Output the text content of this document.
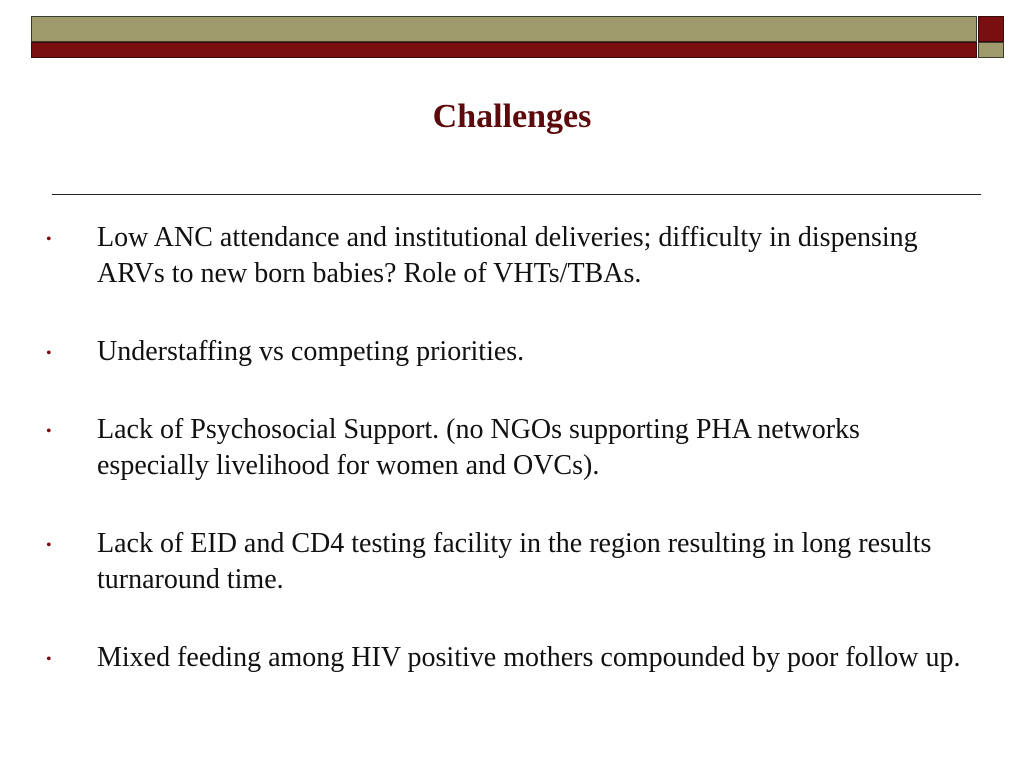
Challenges
• Low ANC attendance and institutional deliveries; difficulty in dispensing ARVs to new born babies? Role of VHTs/TBAs.
• Understaffing vs competing priorities.
• Lack of Psychosocial Support. (no NGOs supporting PHA networks especially livelihood for women and OVCs).
• Lack of EID and CD4 testing facility in the region resulting in long results turnaround time.
• Mixed feeding among HIV positive mothers compounded by poor follow up.
